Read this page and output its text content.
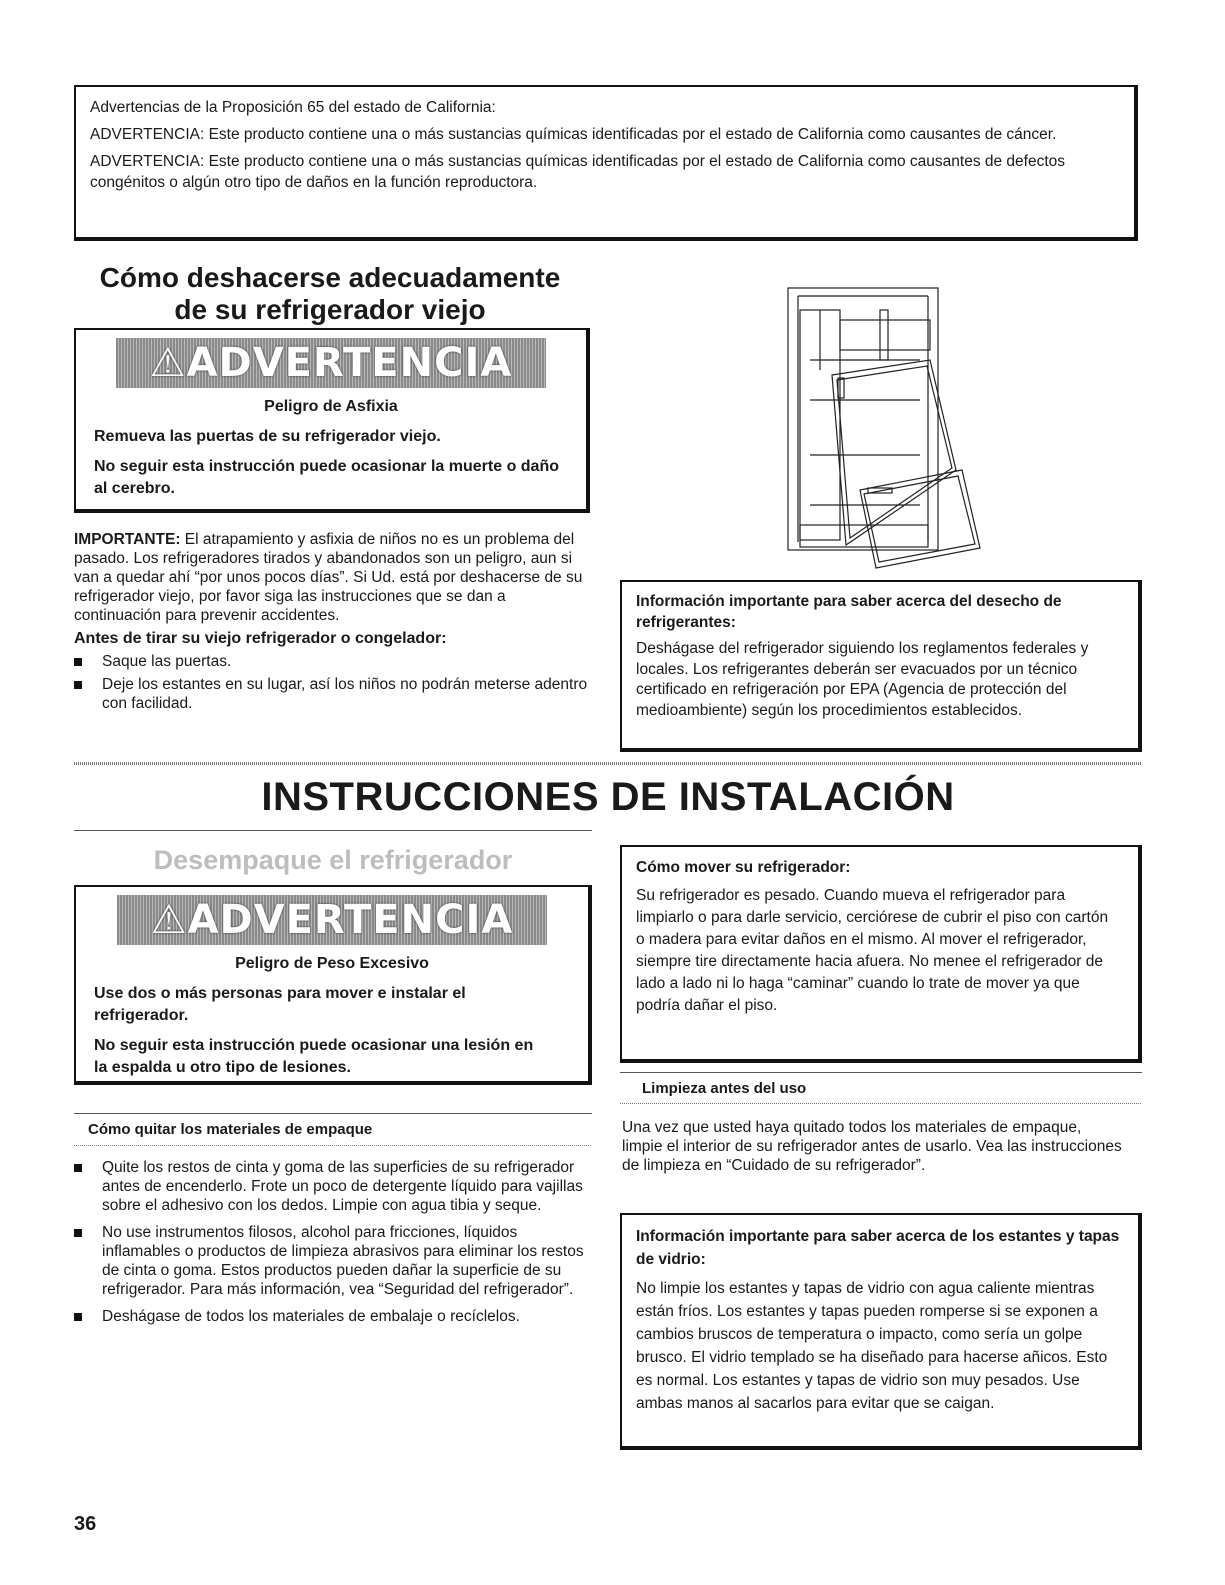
Advertencias de la Proposición 65 del estado de California:

ADVERTENCIA: Este producto contiene una o más sustancias químicas identificadas por el estado de California como causantes de cáncer.

ADVERTENCIA: Este producto contiene una o más sustancias químicas identificadas por el estado de California como causantes de defectos congénitos o algún otro tipo de daños en la función reproductora.

Cómo deshacerse adecuadamente
de su refrigerador viejo
⚠ADVERTENCIA
Peligro de Asfixia

Remueva las puertas de su refrigerador viejo.

No seguir esta instrucción puede ocasionar la muerte o daño al cerebro.

IMPORTANTE: El atrapamiento y asfixia de niños no es un problema del pasado. Los refrigeradores tirados y abandonados son un peligro, aun si van a quedar ahí “por unos pocos días”. Si Ud. está por deshacerse de su refrigerador viejo, por favor siga las instrucciones que se dan a continuación para prevenir accidentes.

Antes de tirar su viejo refrigerador o congelador:

Saque las puertas.
Deje los estantes en su lugar, así los niños no podrán meterse adentro con facilidad.

Información importante para saber acerca del desecho de refrigerantes:

Deshágase del refrigerador siguiendo los reglamentos federales y locales. Los refrigerantes deberán ser evacuados por un técnico certificado en refrigeración por EPA (Agencia de protección del medioambiente) según los procedimientos establecidos.

INSTRUCCIONES DE INSTALACIÓN
Desempaque el refrigerador
⚠ADVERTENCIA
Peligro de Peso Excesivo

Use dos o más personas para mover e instalar el refrigerador.

No seguir esta instrucción puede ocasionar una lesión en la espalda u otro tipo de lesiones.

Cómo quitar los materiales de empaque
Quite los restos de cinta y goma de las superficies de su refrigerador antes de encenderlo. Frote un poco de detergente líquido para vajillas sobre el adhesivo con los dedos. Limpie con agua tibia y seque.
No use instrumentos filosos, alcohol para fricciones, líquidos inflamables o productos de limpieza abrasivos para eliminar los restos de cinta o goma. Estos productos pueden dañar la superficie de su refrigerador. Para más información, vea “Seguridad del refrigerador”.
Deshágase de todos los materiales de embalaje o recíclelos.

Cómo mover su refrigerador:

Su refrigerador es pesado. Cuando mueva el refrigerador para limpiarlo o para darle servicio, cerciórese de cubrir el piso con cartón o madera para evitar daños en el mismo. Al mover el refrigerador, siempre tire directamente hacia afuera. No menee el refrigerador de lado a lado ni lo haga “caminar” cuando lo trate de mover ya que podría dañar el piso.

Limpieza antes del uso
Una vez que usted haya quitado todos los materiales de empaque, limpie el interior de su refrigerador antes de usarlo. Vea las instrucciones de limpieza en “Cuidado de su refrigerador”.

Información importante para saber acerca de los estantes y tapas de vidrio:

No limpie los estantes y tapas de vidrio con agua caliente mientras están fríos. Los estantes y tapas pueden romperse si se exponen a cambios bruscos de temperatura o impacto, como sería un golpe brusco. El vidrio templado se ha diseñado para hacerse añicos. Esto es normal. Los estantes y tapas de vidrio son muy pesados. Use ambas manos al sacarlos para evitar que se caigan.

36
